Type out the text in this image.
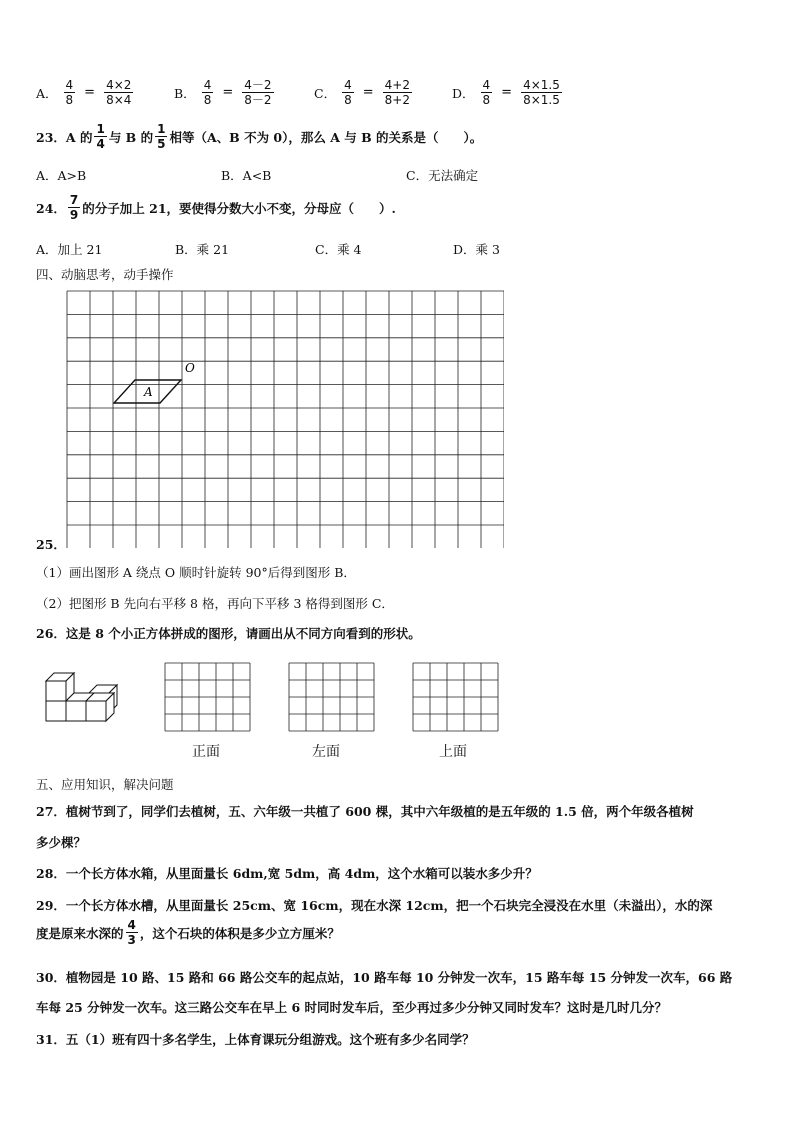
A． $\frac{4}{8} = \frac{4\times 2}{8\times 4}$	B． $\frac{4}{8} = \frac{4-2}{8-2}$	C． $\frac{4}{8} = \frac{4+2}{8+2}$	D． $\frac{4}{8} = \frac{4\times 1.5}{8\times 1.5}$
23．A 的 $\frac{1}{4}$ 与 B 的 $\frac{1}{5}$ 相等（A、B 不为 0），那么 A 与 B 的关系是（　　）。
A．A>B	B．A<B	C．无法确定
24． $\frac{7}{9}$ 的分子加上 21，要使得分数大小不变，分母应（　　）.
A．加上 21	B．乘 21	C．乘 4	D．乘 3
四、动脑思考，动手操作
A
O
25．
（1）画出图形 A 绕点 O 顺时针旋转 90°后得到图形 B．
（2）把图形 B 先向右平移 8 格，再向下平移 3 格得到图形 C．
26．这是 8 个小正方体拼成的图形，请画出从不同方向看到的形状。
正面	左面	上面
五、应用知识，解决问题
27．植树节到了，同学们去植树，五、六年级一共植了 600 棵，其中六年级植的是五年级的 1.5 倍，两个年级各植树
多少棵？
28．一个长方体水箱，从里面量长 6dm,宽 5dm，高 4dm，这个水箱可以装水多少升？
29．一个长方体水槽，从里面量长 25cm、宽 16cm，现在水深 12cm，把一个石块完全浸没在水里（未溢出），水的深
度是原来水深的 $\frac{4}{3}$ ，这个石块的体积是多少立方厘米？
30．植物园是 10 路、15 路和 66 路公交车的起点站，10 路车每 10 分钟发一次车，15 路车每 15 分钟发一次车，66 路
车每 25 分钟发一次车。这三路公交车在早上 6 时同时发车后，至少再过多少分钟又同时发车？这时是几时几分？
31．五（1）班有四十多名学生，上体育课玩分组游戏。这个班有多少名同学？
